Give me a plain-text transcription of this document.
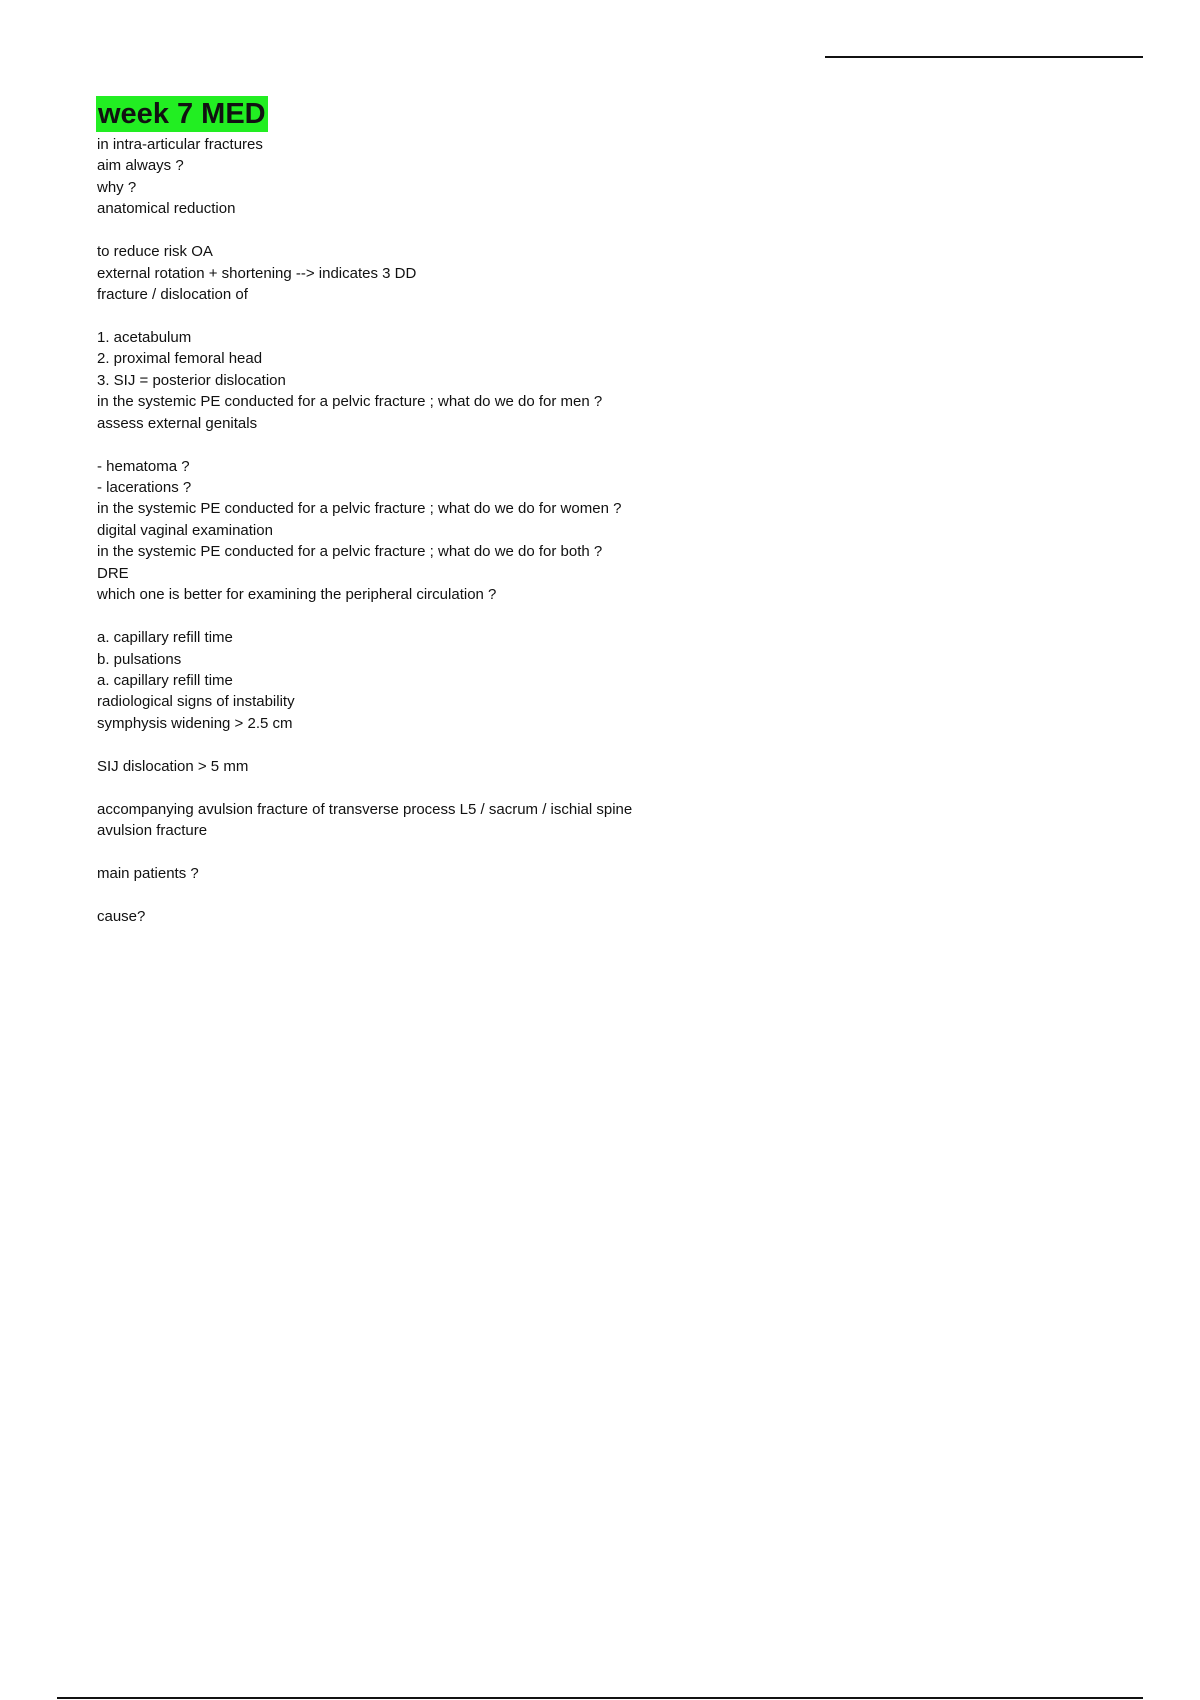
week 7 MED
in intra-articular fractures
aim always ?
why ?
anatomical reduction
to reduce risk OA
external rotation + shortening --> indicates 3 DD
fracture / dislocation of
1. acetabulum
2. proximal femoral head
3. SIJ = posterior dislocation
in the systemic PE conducted for a pelvic fracture ; what do we do for men ?
assess external genitals
- hematoma ?
- lacerations ?
in the systemic PE conducted for a pelvic fracture ; what do we do for women ?
digital vaginal examination
in the systemic PE conducted for a pelvic fracture ; what do we do for both ?
DRE
which one is better for examining the peripheral circulation ?
a. capillary refill time
b. pulsations
a. capillary refill time
radiological signs of instability
symphysis widening > 2.5 cm
SIJ dislocation > 5 mm
accompanying avulsion fracture of transverse process L5 / sacrum / ischial spine
avulsion fracture
main patients ?
cause?
